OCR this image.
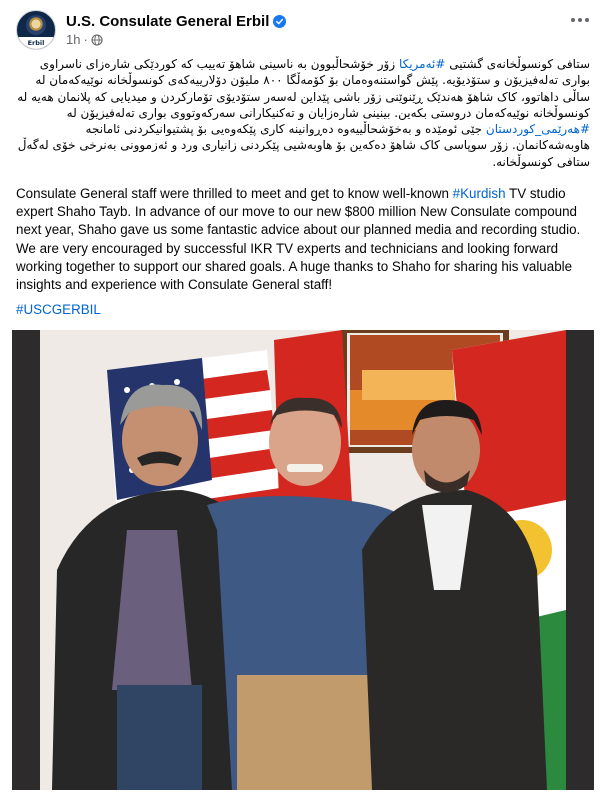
Erbil
U.S. Consulate General Erbil
1h ·
ستافی کونسوڵخانەی گشتیی #ئەمریکا زۆر خۆشحاڵبوون بە ناسینی شاهۆ تەییب کە کوردێکی شارەزای ناسراوی بواری تەلەفیزیۆن و ستۆدیۆیە. پێش گواستنەوەمان بۆ کۆمەڵگا ٨٠٠ ملیۆن دۆلارییەکەی کونسوڵخانە نوێیەکەمان لە ساڵی داهاتوو، کاک شاهۆ هەندێک ڕێنوێنی زۆر باشی پێداین لەسەر ستۆدیۆی تۆمارکردن و میدیایی کە پلانمان هەیە لە کونسوڵخانە نوێیەکەمان دروستی بکەین. بینینی شارەزایان و تەکنیکارانی سەرکەوتووی بواری تەلەفیزیۆن لە #هەرێمی_کوردستان جێی ئومێدە و بەخۆشحاڵییەوە دەڕوانینە کاری پێکەوەیی بۆ پشتیوانیکردنی ئامانجە هاوبەشەکانمان. زۆر سوپاسی کاک شاهۆ دەکەین بۆ هاوبەشیی پێکردنی زانیاری ورد و ئەزموونی بەنرخی خۆی لەگەڵ ستافی کونسوڵخانە.
Consulate General staff were thrilled to meet and get to know well-known #Kurdish TV studio expert Shaho Tayb. In advance of our move to our new $800 million New Consulate compound next year, Shaho gave us some fantastic advice about our planned media and recording studio. We are very encouraged by successful IKR TV experts and technicians and looking forward working together to support our shared goals. A huge thanks to Shaho for sharing his valuable insights and experience with Consulate General staff!
#USCGERBIL
